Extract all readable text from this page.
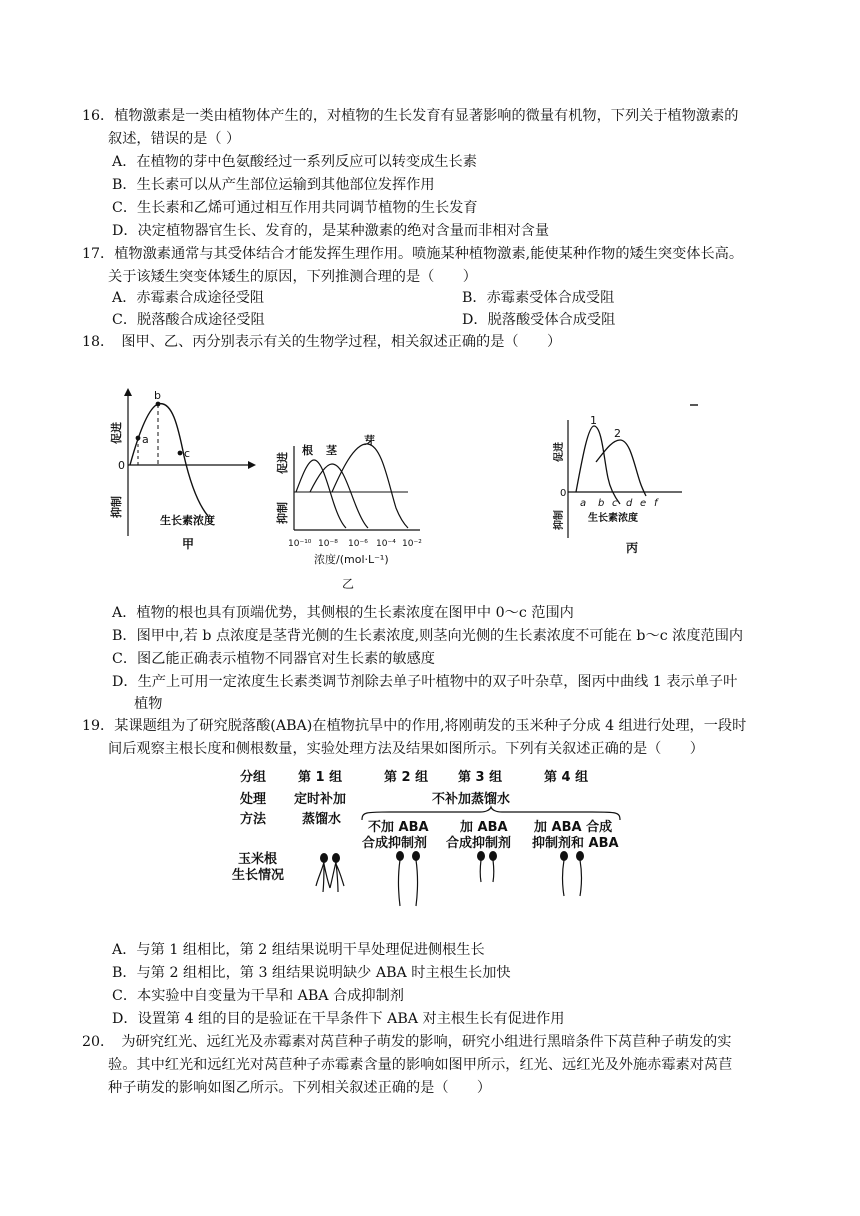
16．植物激素是一类由植物体产生的，对植物的生长发育有显著影响的微量有机物，下列关于植物激素的
叙述，错误的是（ ）
A．在植物的芽中色氨酸经过一系列反应可以转变成生长素
B．生长素可以从产生部位运输到其他部位发挥作用
C．生长素和乙烯可通过相互作用共同调节植物的生长发育
D．决定植物器官生长、发育的，是某种激素的绝对含量而非相对含量
17．植物激素通常与其受体结合才能发挥生理作用。喷施某种植物激素,能使某种作物的矮生突变体长高。
关于该矮生突变体矮生的原因，下列推测合理的是（　　）
A．赤霉素合成途径受阻	B．赤霉素受体合成受阻
C．脱落酸合成途径受阻	D．脱落酸受体合成受阻
18．　图甲、乙、丙分别表示有关的生物学过程，相关叙述正确的是（　　）
a
b
c
0
促进
抑制
生长素浓度
甲
根 茎
芽
促进
抑制
10⁻¹⁰ 10⁻⁸ 10⁻⁶ 10⁻⁴ 10⁻²
浓度/(mol·L⁻¹)
乙
1
2
0
a b c d e f
促进
抑制 生长素浓度
丙
A．植物的根也具有顶端优势，其侧根的生长素浓度在图甲中 0～c 范围内
B．图甲中,若 b 点浓度是茎背光侧的生长素浓度,则茎向光侧的生长素浓度不可能在 b～c 浓度范围内
C．图乙能正确表示植物不同器官对生长素的敏感度
D．生产上可用一定浓度生长素类调节剂除去单子叶植物中的双子叶杂草，图丙中曲线 1 表示单子叶
植物
19．某课题组为了研究脱落酸(ABA)在植物抗旱中的作用,将刚萌发的玉米种子分成 4 组进行处理，一段时
间后观察主根长度和侧根数量，实验处理方法及结果如图所示。下列有关叙述正确的是（　　）
分组 第 1 组	第 2 组 第 3 组	第 4 组
处理
方法
定时补加
蒸馏水
不补加蒸馏水
不加 ABA
合成抑制剂
加 ABA
合成抑制剂
加 ABA 合成
抑制剂和 ABA
玉米根
生长情况
A．与第 1 组相比，第 2 组结果说明干旱处理促进侧根生长
B．与第 2 组相比，第 3 组结果说明缺少 ABA 时主根生长加快
C．本实验中自变量为干旱和 ABA 合成抑制剂
D．设置第 4 组的目的是验证在干旱条件下 ABA 对主根生长有促进作用
20．　为研究红光、远红光及赤霉素对莴苣种子萌发的影响，研究小组进行黑暗条件下莴苣种子萌发的实
验。其中红光和远红光对莴苣种子赤霉素含量的影响如图甲所示，红光、远红光及外施赤霉素对莴苣
种子萌发的影响如图乙所示。下列相关叙述正确的是（　　）
